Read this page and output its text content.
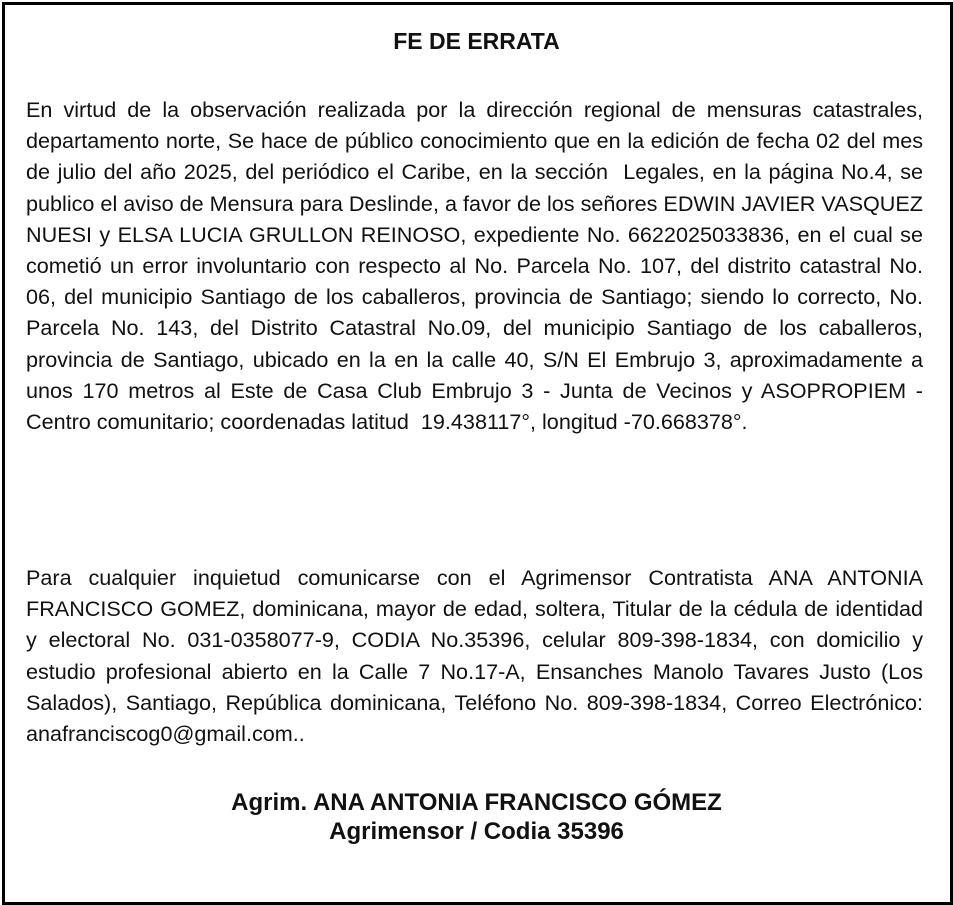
FE DE ERRATA

En virtud de la observación realizada por la dirección regional de mensuras catastrales, departamento norte, Se hace de público conocimiento que en la edición de fecha 02 del mes de julio del año 2025, del periódico el Caribe, en la sección  Legales, en la página No.4, se publico el aviso de Mensura para Deslinde, a favor de los señores EDWIN JAVIER VASQUEZ NUESI y ELSA LUCIA GRULLON REINOSO, expediente No. 6622025033836, en el cual se cometió un error involuntario con respecto al No. Parcela No. 107, del distrito catastral No. 06, del municipio Santiago de los caballeros, provincia de Santiago; siendo lo correcto, No. Parcela No. 143, del Distrito Catastral No.09, del municipio Santiago de los caballeros, provincia de Santiago, ubicado en la en la calle 40, S/N El Embrujo 3, aproximadamente a unos 170 metros al Este de Casa Club Embrujo 3 - Junta de Vecinos y ASOPROPIEM - Centro comunitario; coordenadas latitud  19.438117°, longitud -70.668378°.

Para cualquier inquietud comunicarse con el Agrimensor Contratista ANA ANTONIA FRANCISCO GOMEZ, dominicana, mayor de edad, soltera, Titular de la cédula de identidad y electoral No. 031-0358077-9, CODIA No.35396, celular 809-398-1834, con domicilio y estudio profesional abierto en la Calle 7 No.17-A, Ensanches Manolo Tavares Justo (Los Salados), Santiago, República dominicana, Teléfono No. 809-398-1834, Correo Electrónico: anafranciscog0@gmail.com..

Agrim. ANA ANTONIA FRANCISCO GÓMEZ
Agrimensor / Codia 35396
